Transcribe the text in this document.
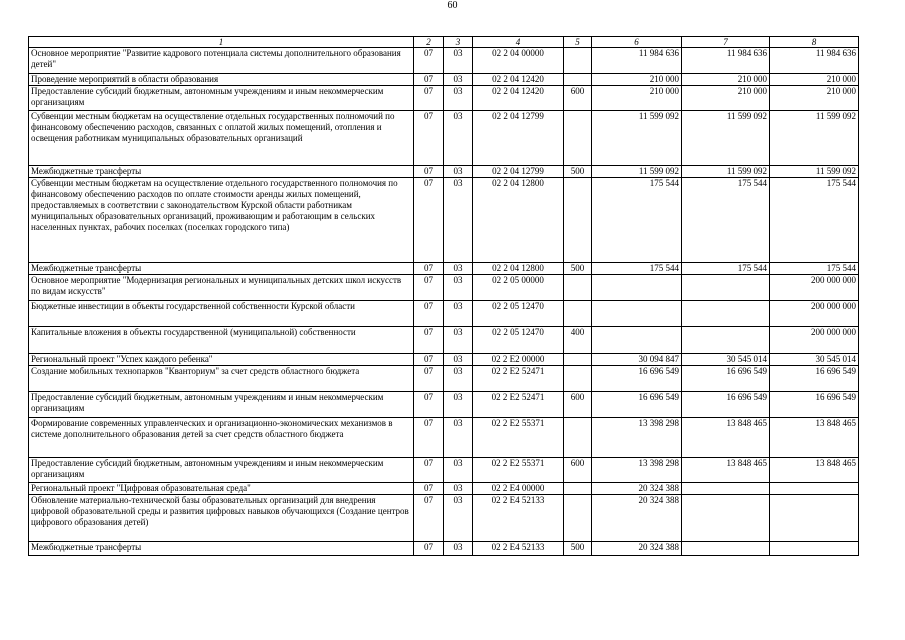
60
1	2	3	4	5	6	7	8
Основное мероприятие "Развитие кадрового потенциала системы дополнительного образования детей"	07	03	02 2 04 00000		11 984 636	11 984 636	11 984 636
Проведение мероприятий в области образования	07	03	02 2 04 12420		210 000	210 000	210 000
Предоставление субсидий бюджетным, автономным учреждениям и иным некоммерческим организациям	07	03	02 2 04 12420	600	210 000	210 000	210 000
Субвенции местным бюджетам на осуществление отдельных государственных полномочий по финансовому обеспечению расходов, связанных с оплатой жилых помещений, отопления и освещения работникам муниципальных образовательных организаций	07	03	02 2 04 12799		11 599 092	11 599 092	11 599 092
Межбюджетные трансферты	07	03	02 2 04 12799	500	11 599 092	11 599 092	11 599 092
Субвенции местным бюджетам на осуществление отдельного государственного полномочия по финансовому обеспечению расходов по оплате стоимости аренды жилых помещений, предоставляемых в соответствии с законодательством Курской области работникам муниципальных образовательных организаций, проживающим и работающим в сельских населенных пунктах, рабочих поселках (поселках городского типа)	07	03	02 2 04 12800		175 544	175 544	175 544
Межбюджетные трансферты	07	03	02 2 04 12800	500	175 544	175 544	175 544
Основное мероприятие "Модернизация региональных и муниципальных детских школ искусств по видам искусств"	07	03	02 2 05 00000				200 000 000
Бюджетные инвестиции в объекты государственной собственности Курской области	07	03	02 2 05 12470				200 000 000
Капитальные вложения в объекты государственной (муниципальной) собственности	07	03	02 2 05 12470	400			200 000 000
Региональный проект "Успех каждого ребенка"	07	03	02 2 E2 00000		30 094 847	30 545 014	30 545 014
Создание мобильных технопарков "Кванториум" за счет средств областного бюджета	07	03	02 2 E2 52471		16 696 549	16 696 549	16 696 549
Предоставление субсидий бюджетным, автономным учреждениям и иным некоммерческим организациям	07	03	02 2 E2 52471	600	16 696 549	16 696 549	16 696 549
Формирование современных управленческих и организационно-экономических механизмов в системе дополнительного образования детей за счет средств областного бюджета	07	03	02 2 E2 55371		13 398 298	13 848 465	13 848 465
Предоставление субсидий бюджетным, автономным учреждениям и иным некоммерческим организациям	07	03	02 2 E2 55371	600	13 398 298	13 848 465	13 848 465
Региональный проект "Цифровая образовательная среда"	07	03	02 2 E4 00000		20 324 388		
Обновление материально-технической базы образовательных организаций для внедрения цифровой образовательной среды и развития цифровых навыков обучающихся (Создание центров цифрового образования детей)	07	03	02 2 E4 52133		20 324 388		
Межбюджетные трансферты	07	03	02 2 E4 52133	500	20 324 388		
